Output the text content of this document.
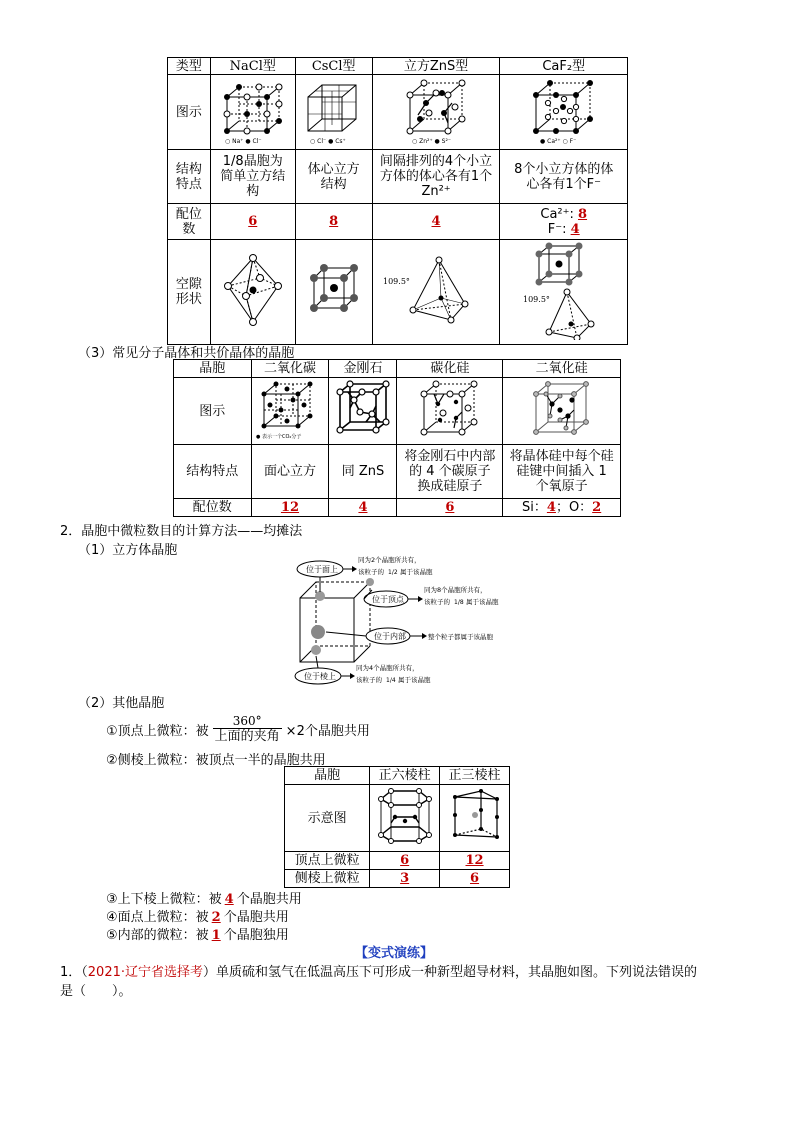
类型	NaCl型	CsCl型	立方ZnS型	CaF₂型
图示	○ Na⁺ ● Cl⁻	○ Cl⁻ ● Cs⁺	○ Zn²⁺ ● S²⁻	● Ca²⁺ ○ F⁻

结构特点	1/8晶胞为简单立方结构	体心立方结构	间隔排列的4个小立方体的体心各有1个Zn²⁺	8个小立方体的体心各有1个F⁻
配位数	6	8	4	Ca²⁺: 8
F⁻: 4

空隙形状			109.5°	109.5°
（3）常见分子晶体和共价晶体的晶胞
晶胞	二氧化碳	金刚石	碳化硅	二氧化硅
图示	● 表示一个CO₂分子

结构特点	面心立方	同 ZnS	将金刚石中内部的 4 个碳原子换成硅原子	将晶体硅中每个硅硅键中间插入 1 个氧原子
配位数	12	4	6	Si：4；O：2
2．晶胞中微粒数目的计算方法——均摊法
（1）立方体晶胞
位于面上
位于顶点
位于内部
位于棱上
同为2个晶胞所共有，
该粒子的 1/2 属于该晶胞
同为8个晶胞所共有，
该粒子的 1/8 属于该晶胞
整个粒子都属于该晶胞
同为4个晶胞所共有，
该粒子的 1/4 属于该晶胞
（2）其他晶胞
①顶点上微粒：被
360°
上面的夹角 ×2个晶胞共用
②侧棱上微粒：被顶点一半的晶胞共用
晶胞	正六棱柱	正三棱柱
示意图		
顶点上微粒	6	12
侧棱上微粒	3	6
③上下棱上微粒：被 4 个晶胞共用
④面点上微粒：被 2 个晶胞共用
⑤内部的微粒：被 1 个晶胞独用
【变式演练】
1．（2021·辽宁省选择考）单质硫和氢气在低温高压下可形成一种新型超导材料，其晶胞如图。下列说法错误的
是（　　）。
